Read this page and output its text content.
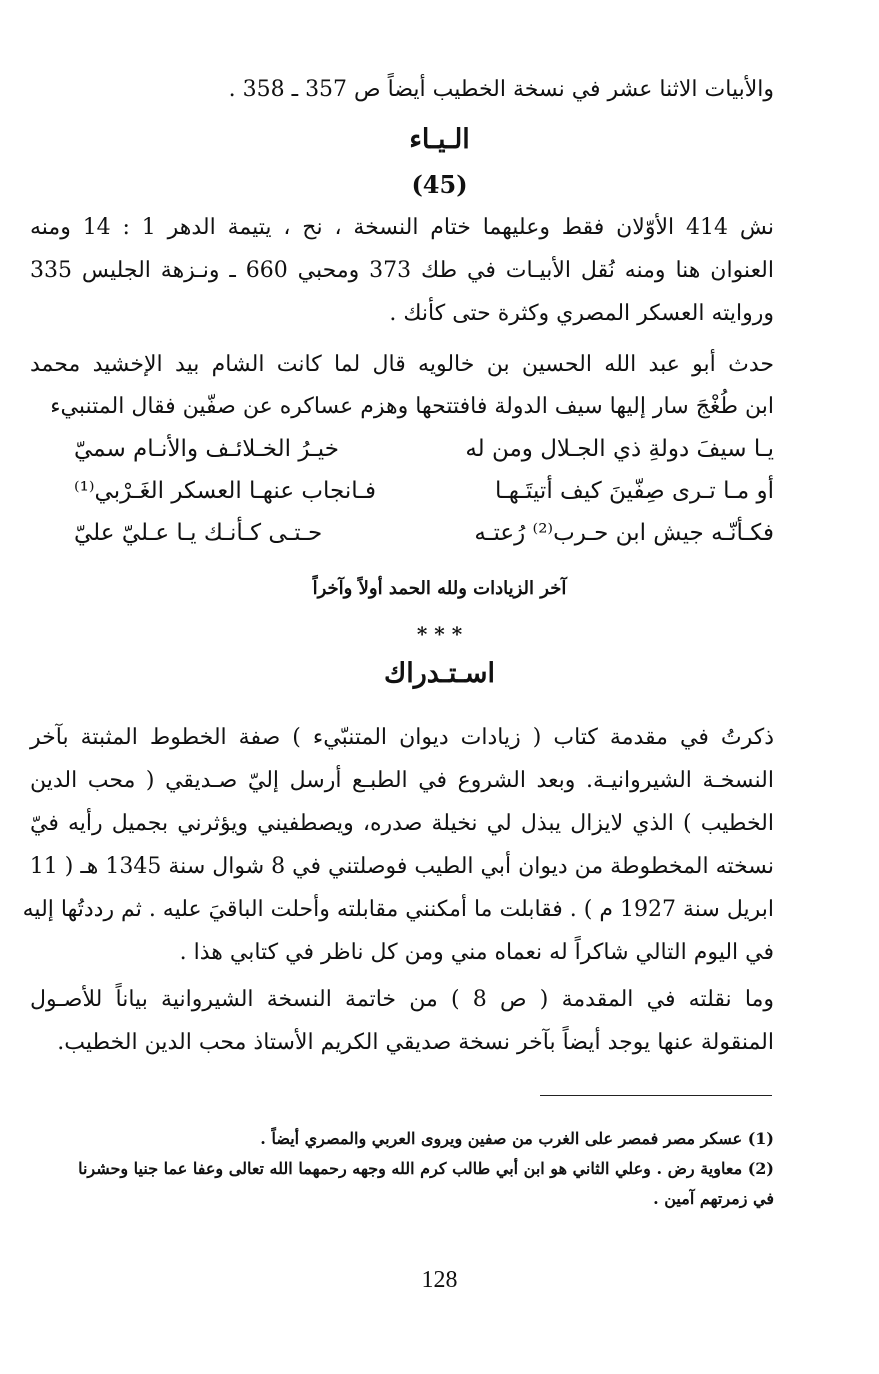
والأبيات الاثنا عشر في نسخة الخطيب أيضاً ص 357 ـ 358 .
الـيـاء
(45)
نش 414 الأوّلان فقط وعليهما ختام النسخة ، نح ، يتيمة الدهر 1 : 14 ومنه
العنوان هنا ومنه نُقل الأبيـات في طك 373 ومحبي 660 ـ ونـزهة الجليس 335
وروايته العسكر المصري وكثرة حتى كأنك .
حدث أبو عبد الله الحسين بن خالويه قال لما كانت الشام بيد الإخشيد محمد
ابن طُغْجَ سار إليها سيف الدولة فافتتحها وهزم عساكره عن صفّين فقال المتنبيء
يـا سيفَ دولةِ ذي الجـلال ومن له
خيـرُ الخـلائـف والأنـام سميّ
أو مـا تـرى صِفّينَ كيف أتيتَـهـا
فـانجاب عنهـا العسكر الغَـرْبي⁽¹⁾
فكـأنّـه جيش ابن حـرب⁽²⁾ رُعتـه
حـتـى كـأنـك يـا عـليّ عليّ
آخر الزيادات ولله الحمد أولاً وآخراً
* * *
اسـتـدراك
ذكرتُ في مقدمة كتاب ( زيادات ديوان المتنبّيء ) صفة الخطوط المثبتة بآخر
النسخـة الشيروانيـة. وبعد الشروع في الطبـع أرسل إليّ صـديقي ( محب الدين
الخطيب ) الذي لايزال يبذل لي نخيلة صدره، ويصطفيني ويؤثرني بجميل رأيه فيّ
نسخته المخطوطة من ديوان أبي الطيب فوصلتني في 8 شوال سنة 1345 هـ ( 11
ابريل سنة 1927 م ) . فقابلت ما أمكنني مقابلته وأحلت الباقيَ عليه . ثم رددتُها إليه
في اليوم التالي شاكراً له نعماه مني ومن كل ناظر في كتابي هذا .
وما نقلته في المقدمة ( ص 8 ) من خاتمة النسخة الشيروانية بياناً للأصـول
المنقولة عنها يوجد أيضاً بآخر نسخة صديقي الكريم الأستاذ محب الدين الخطيب.
(1) عسكر مصر فمصر على الغرب من صفين ويروى العربي والمصري أيضاً .
(2) معاوية رض . وعلي الثاني هو ابن أبي طالب كرم الله وجهه رحمهما الله تعالى وعفا عما جنيا وحشرنا
في زمرتهم آمين .
128
